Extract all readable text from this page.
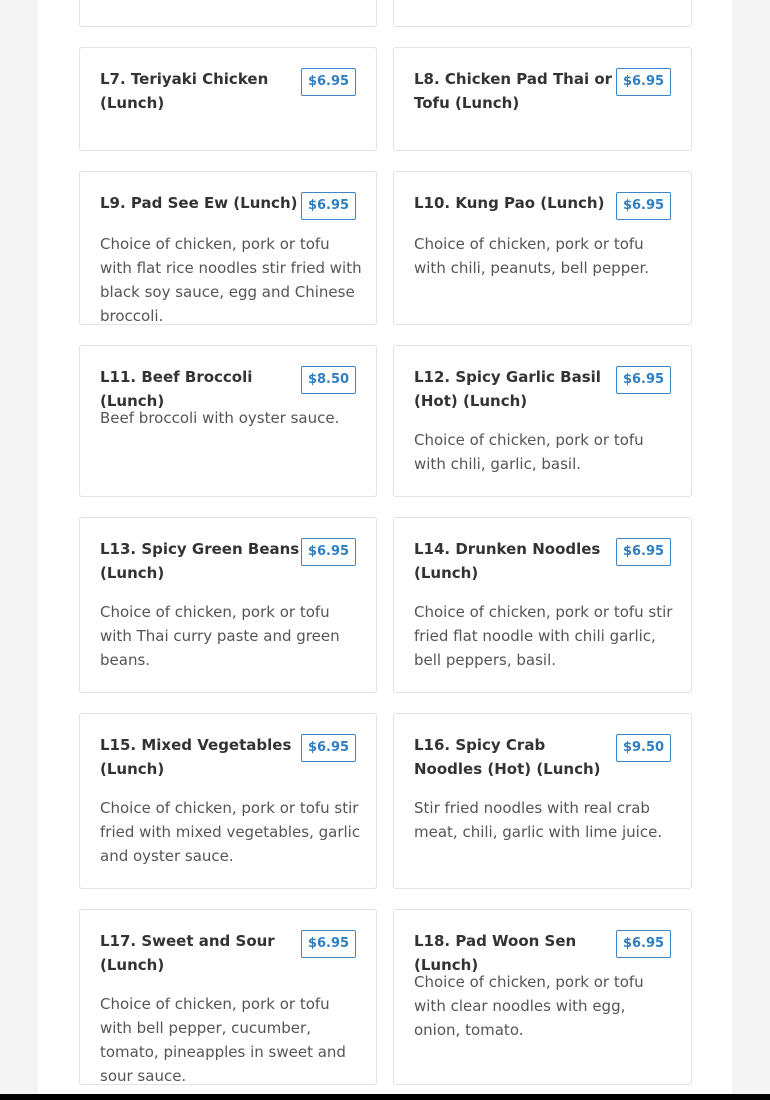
L7. Teriyaki Chicken (Lunch)
$6.95	L8. Chicken Pad Thai or Tofu (Lunch)
$6.95
L9. Pad See Ew (Lunch) $6.95
Choice of chicken, pork or tofu with flat rice noodles stir fried with black soy sauce, egg and Chinese broccoli.
L10. Kung Pao (Lunch)	$6.95
Choice of chicken, pork or tofu with chili, peanuts, bell pepper.
L11. Beef Broccoli (Lunch)
$8.50
Beef broccoli with oyster sauce.
L12. Spicy Garlic Basil (Hot) (Lunch)
$6.95
Choice of chicken, pork or tofu with chili, garlic, basil.
L13. Spicy Green Beans (Lunch)
$6.95
Choice of chicken, pork or tofu with Thai curry paste and green beans.
L14. Drunken Noodles (Lunch)
$6.95
Choice of chicken, pork or tofu stir fried flat noodle with chili garlic, bell peppers, basil.
L15. Mixed Vegetables (Lunch)
$6.95
Choice of chicken, pork or tofu stir fried with mixed vegetables, garlic and oyster sauce.
L16. Spicy Crab Noodles (Hot) (Lunch)
$9.50
Stir fried noodles with real crab meat, chili, garlic with lime juice.
L17. Sweet and Sour (Lunch)
$6.95
Choice of chicken, pork or tofu with bell pepper, cucumber, tomato, pineapples in sweet and sour sauce.
L18. Pad Woon Sen (Lunch)
$6.95
Choice of chicken, pork or tofu with clear noodles with egg, onion, tomato.
